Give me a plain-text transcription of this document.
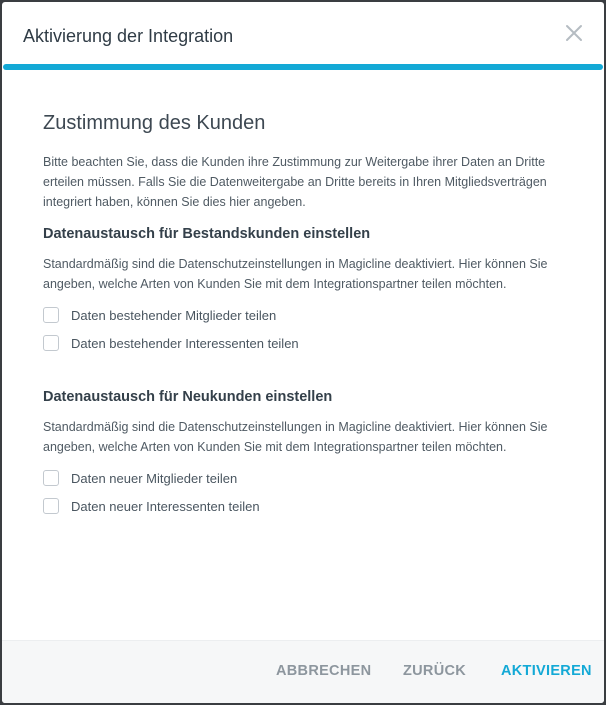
Aktivierung der Integration
Zustimmung des Kunden

Bitte beachten Sie, dass die Kunden ihre Zustimmung zur Weitergabe ihrer Daten an Dritte erteilen müssen. Falls Sie die Datenweitergabe an Dritte bereits in Ihren Mitgliedsverträgen integriert haben, können Sie dies hier angeben.

Datenaustausch für Bestandskunden einstellen

Standardmäßig sind die Datenschutzeinstellungen in Magicline deaktiviert. Hier können Sie angeben, welche Arten von Kunden Sie mit dem Integrationspartner teilen möchten.

Daten bestehender Mitglieder teilen
Daten bestehender Interessenten teilen
Datenaustausch für Neukunden einstellen

Standardmäßig sind die Datenschutzeinstellungen in Magicline deaktiviert. Hier können Sie angeben, welche Arten von Kunden Sie mit dem Integrationspartner teilen möchten.

Daten neuer Mitglieder teilen
Daten neuer Interessenten teilen
ABBRECHEN ZURÜCK AKTIVIEREN
